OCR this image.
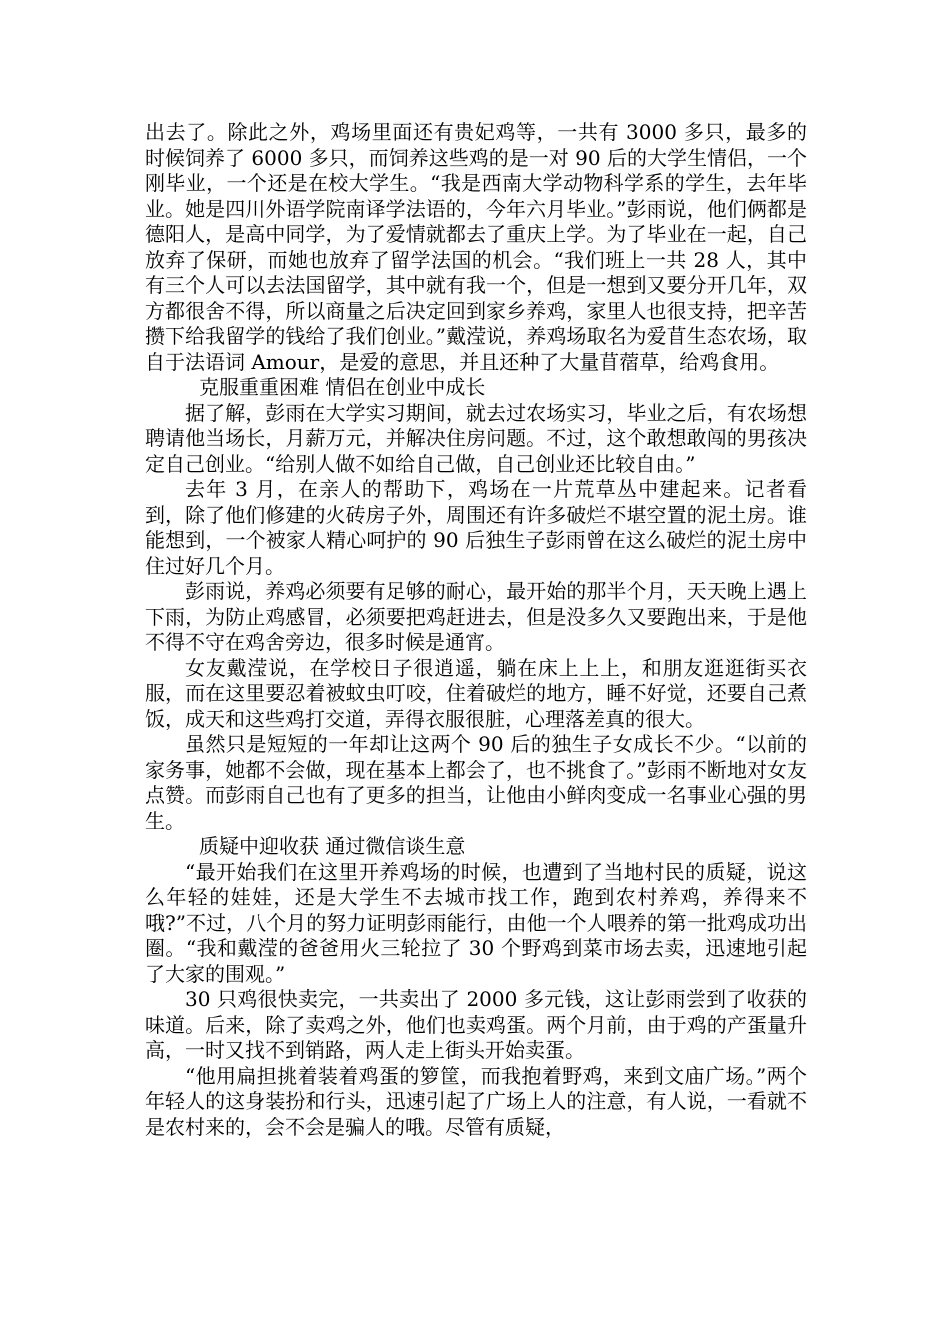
出去了。除此之外，鸡场里面还有贵妃鸡等，一共有 3000 多只，最多的时候饲养了 6000 多只，而饲养这些鸡的是一对 90 后的大学生情侣，一个刚毕业，一个还是在校大学生。“我是西南大学动物科学系的学生，去年毕业。她是四川外语学院南译学法语的，今年六月毕业。”彭雨说，他们俩都是德阳人，是高中同学，为了爱情就都去了重庆上学。为了毕业在一起，自己放弃了保研，而她也放弃了留学法国的机会。“我们班上一共 28 人，其中有三个人可以去法国留学，其中就有我一个，但是一想到又要分开几年，双方都很舍不得，所以商量之后决定回到家乡养鸡，家里人也很支持，把辛苦攒下给我留学的钱给了我们创业。”戴滢说，养鸡场取名为爱苜生态农场，取自于法语词 Amour，是爱的意思，并且还种了大量苜蓿草，给鸡食用。

克服重重困难 情侣在创业中成长

据了解，彭雨在大学实习期间，就去过农场实习，毕业之后，有农场想聘请他当场长，月薪万元，并解决住房问题。不过，这个敢想敢闯的男孩决定自己创业。“给别人做不如给自己做，自己创业还比较自由。”

去年 3 月，在亲人的帮助下，鸡场在一片荒草丛中建起来。记者看到，除了他们修建的火砖房子外，周围还有许多破烂不堪空置的泥土房。谁能想到，一个被家人精心呵护的 90 后独生子彭雨曾在这么破烂的泥土房中住过好几个月。

彭雨说，养鸡必须要有足够的耐心，最开始的那半个月，天天晚上遇上下雨，为防止鸡感冒，必须要把鸡赶进去，但是没多久又要跑出来，于是他不得不守在鸡舍旁边，很多时候是通宵。

女友戴滢说，在学校日子很逍遥，躺在床上上上，和朋友逛逛街买衣服，而在这里要忍着被蚊虫叮咬，住着破烂的地方，睡不好觉，还要自己煮饭，成天和这些鸡打交道，弄得衣服很脏，心理落差真的很大。

虽然只是短短的一年却让这两个 90 后的独生子女成长不少。“以前的家务事，她都不会做，现在基本上都会了，也不挑食了。”彭雨不断地对女友点赞。而彭雨自己也有了更多的担当，让他由小鲜肉变成一名事业心强的男生。

质疑中迎收获 通过微信谈生意

“最开始我们在这里开养鸡场的时候，也遭到了当地村民的质疑，说这么年轻的娃娃，还是大学生不去城市找工作，跑到农村养鸡，养得来不哦?”不过，八个月的努力证明彭雨能行，由他一个人喂养的第一批鸡成功出圈。“我和戴滢的爸爸用火三轮拉了 30 个野鸡到菜市场去卖，迅速地引起了大家的围观。”

30 只鸡很快卖完，一共卖出了 2000 多元钱，这让彭雨尝到了收获的味道。后来，除了卖鸡之外，他们也卖鸡蛋。两个月前，由于鸡的产蛋量升高，一时又找不到销路，两人走上街头开始卖蛋。

“他用扁担挑着装着鸡蛋的箩筐，而我抱着野鸡，来到文庙广场。”两个年轻人的这身装扮和行头，迅速引起了广场上人的注意，有人说，一看就不是农村来的，会不会是骗人的哦。尽管有质疑，
